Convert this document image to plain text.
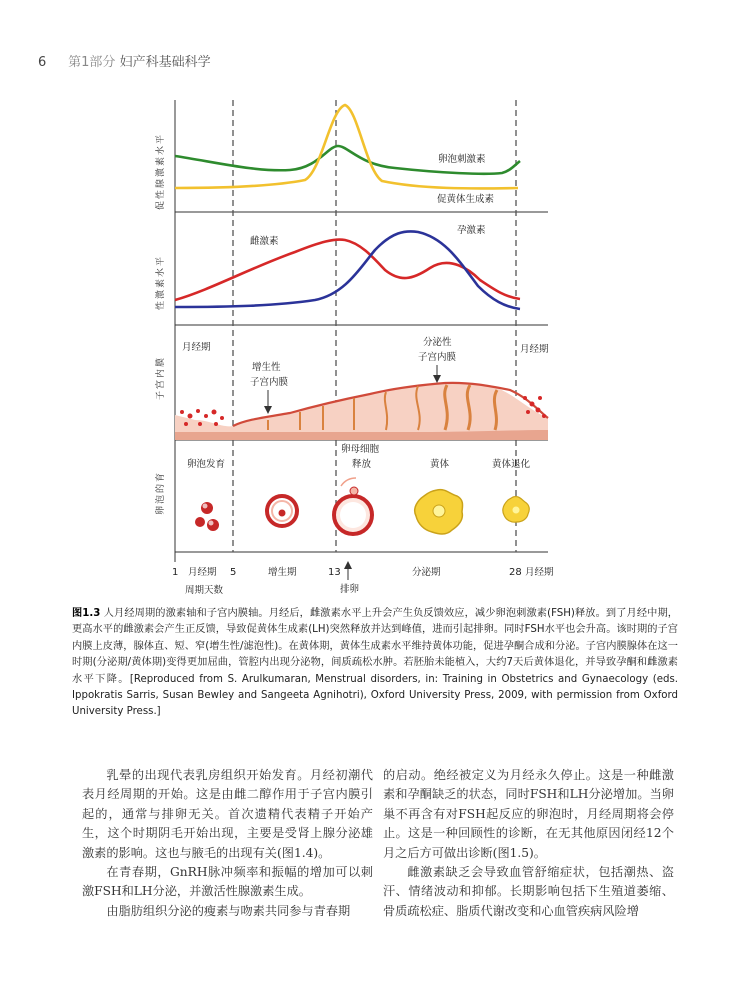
6 第1部分 妇产科基础科学
促性腺激素水平
性激素水平
子宫内膜
卵泡的育
卵泡刺激素
促黄体生成素
雌激素
孕激素
月经期	月经期
增生性
子宫内膜
分泌性
子宫内膜
卵泡发育
卵母细胞
释放	黄体	黄体退化
1	5	13	28
月经期	增生期	分泌期	月经期
周期天数	排卵
图1.3 人月经周期的激素轴和子宫内膜轴。月经后，雌激素水平上升会产生负反馈效应，减少卵泡刺激素(FSH)释放。到了月经中期，更高水平的雌激素会产生正反馈，导致促黄体生成素(LH)突然释放并达到峰值，进而引起排卵。同时FSH水平也会升高。该时期的子宫内膜上皮薄，腺体直、短、窄(增生性/滤泡性)。在黄体期，黄体生成素水平维持黄体功能，促进孕酮合成和分泌。子宫内膜腺体在这一时期(分泌期/黄体期)变得更加屈曲，管腔内出现分泌物，间质疏松水肿。若胚胎未能植入，大约7天后黄体退化，并导致孕酮和雌激素水平下降。[Reproduced from S. Arulkumaran, Menstrual disorders, in: Training in Obstetrics and Gynaecology (eds. Ippokratis Sarris, Susan Bewley and Sangeeta Agnihotri), Oxford University Press, 2009, with permission from Oxford University Press.]

乳晕的出现代表乳房组织开始发育。月经初潮代表月经周期的开始。这是由雌二醇作用于子宫内膜引起的，通常与排卵无关。首次遗精代表精子开始产生，这个时期阴毛开始出现，主要是受肾上腺分泌雄激素的影响。这也与腋毛的出现有关(图1.4)。

在青春期，GnRH脉冲频率和振幅的增加可以刺激FSH和LH分泌，并激活性腺激素生成。

由脂肪组织分泌的瘦素与吻素共同参与青春期

的启动。绝经被定义为月经永久停止。这是一种雌激素和孕酮缺乏的状态，同时FSH和LH分泌增加。当卵巢不再含有对FSH起反应的卵泡时，月经周期将会停止。这是一种回顾性的诊断，在无其他原因闭经12个月之后方可做出诊断(图1.5)。

雌激素缺乏会导致血管舒缩症状，包括潮热、盗汗、情绪波动和抑郁。长期影响包括下生殖道萎缩、骨质疏松症、脂质代谢改变和心血管疾病风险增
